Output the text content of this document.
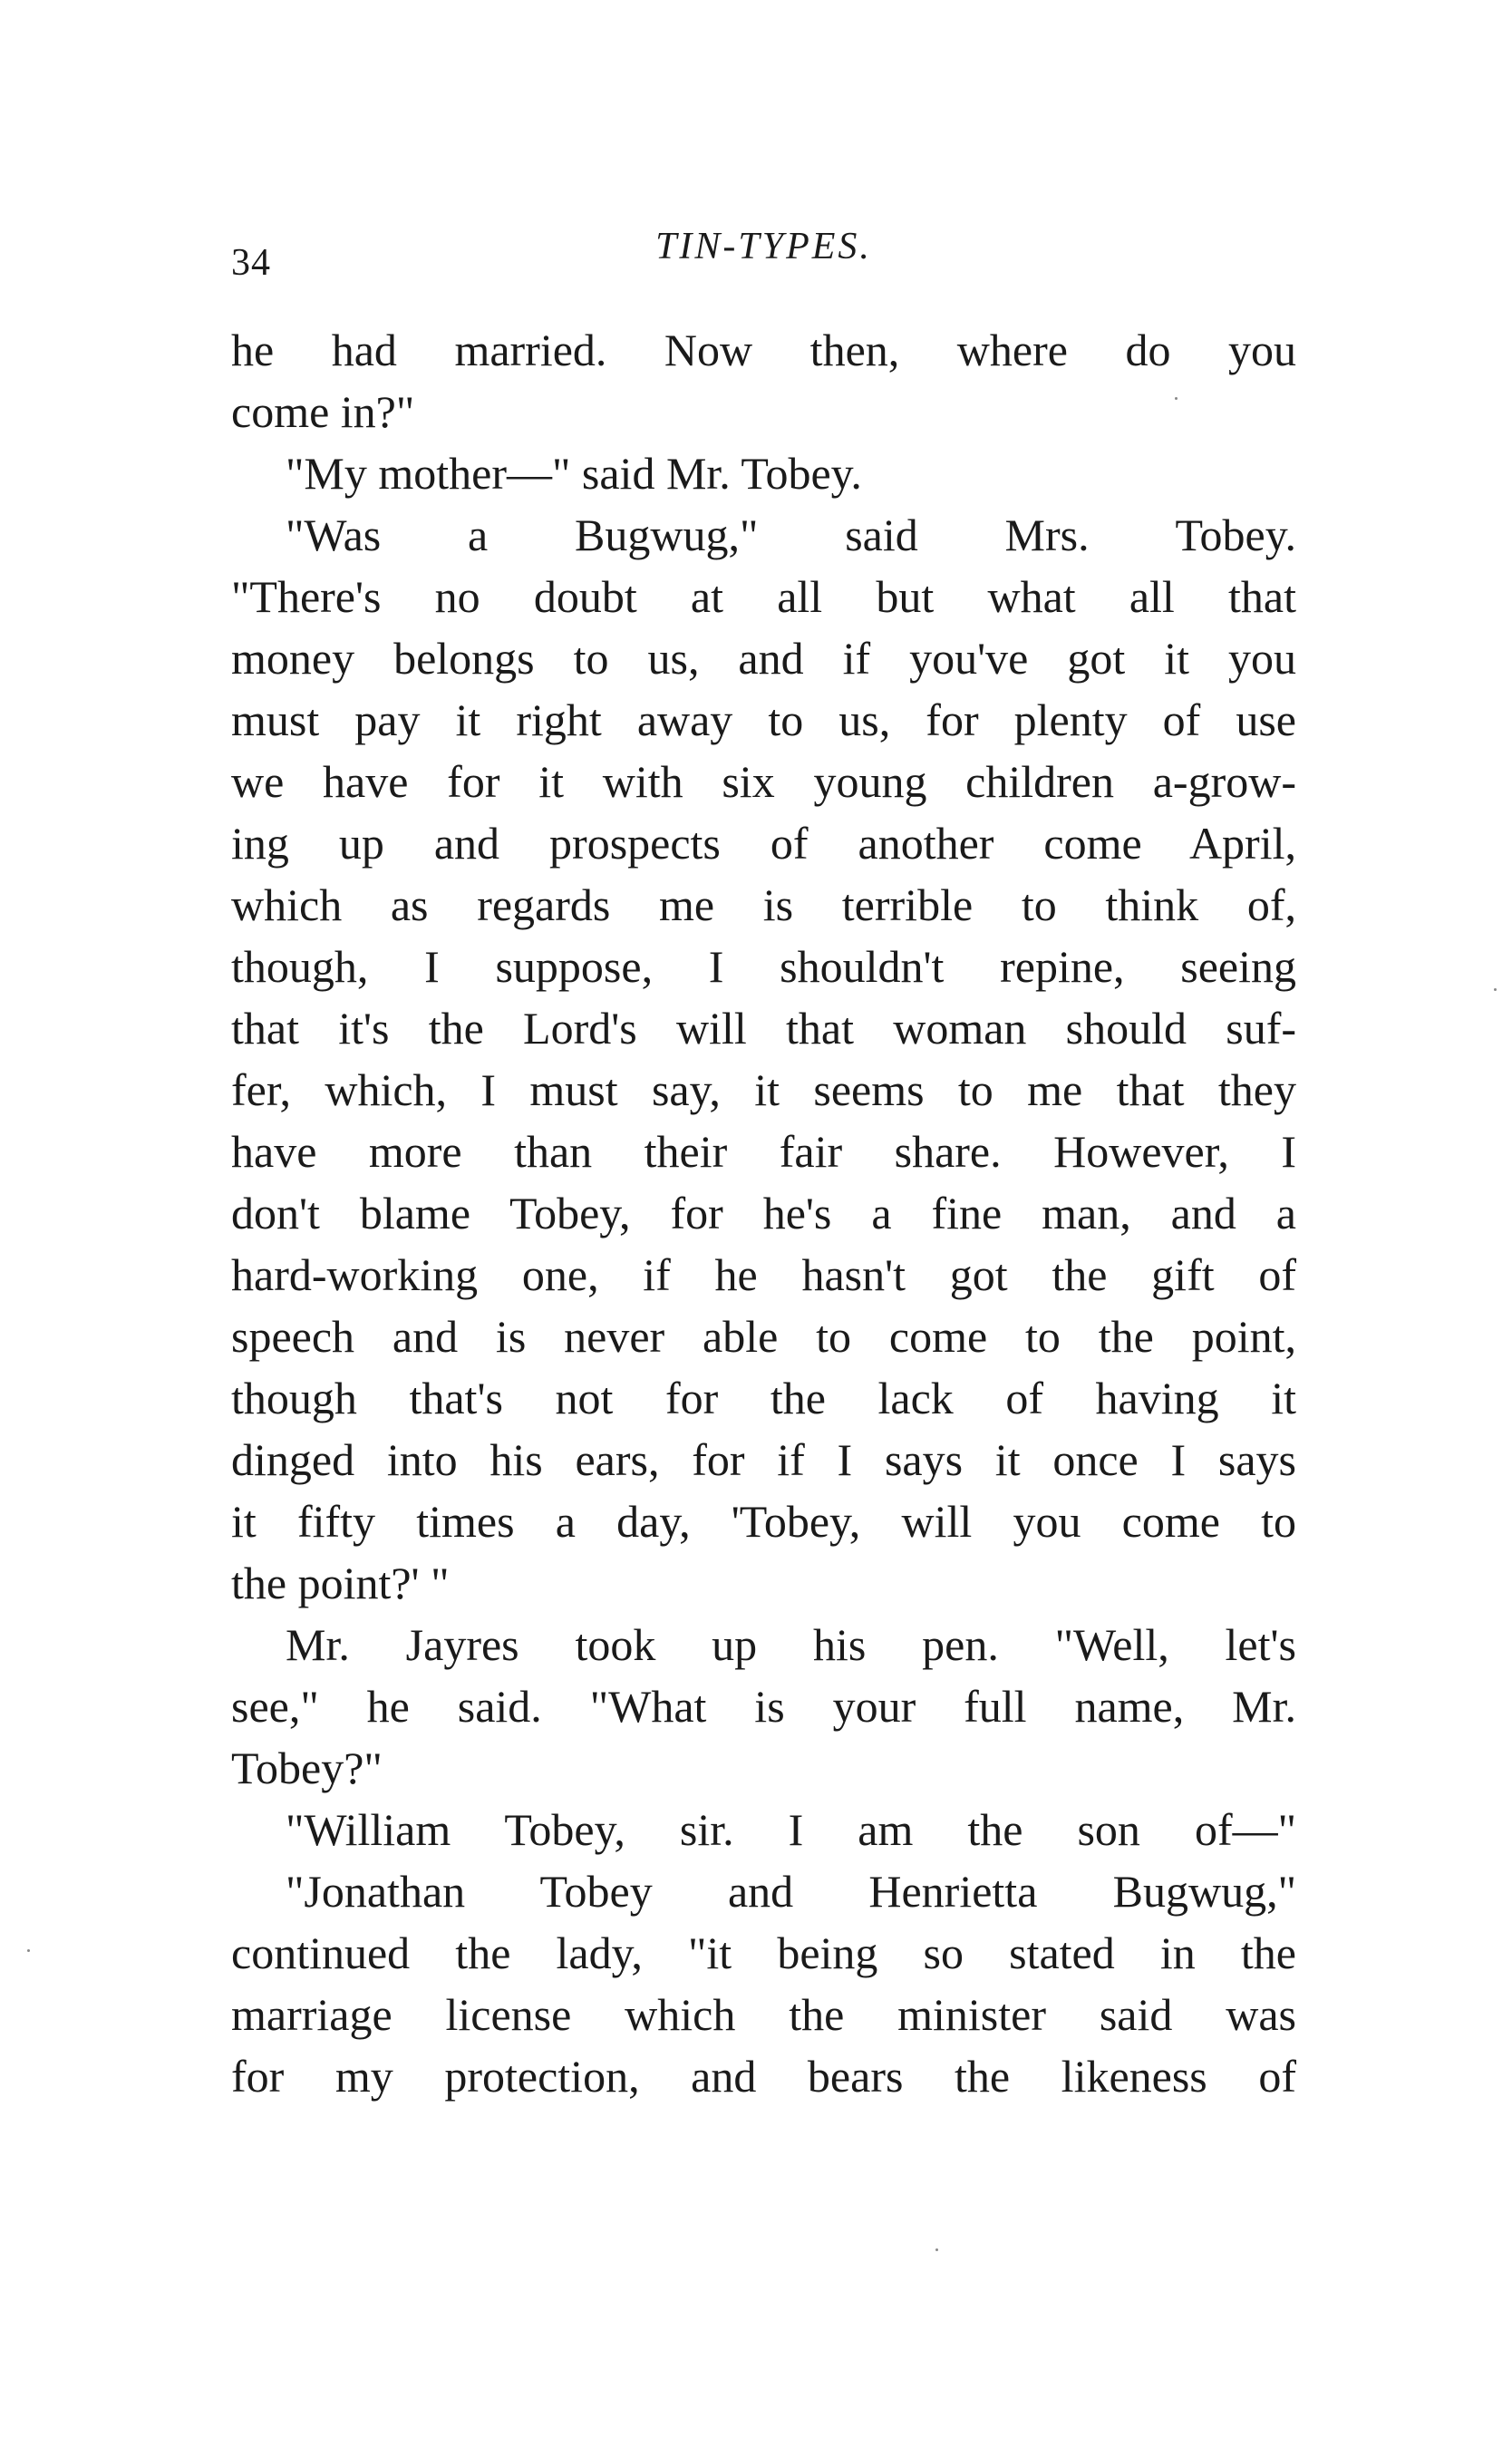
34	TIN-TYPES.
he had married. Now then, where do you
come in?"
"My mother—" said Mr. Tobey.
"Was a Bugwug," said Mrs. Tobey.
"There's no doubt at all but what all that
money belongs to us, and if you've got it you
must pay it right away to us, for plenty of use
we have for it with six young children a-grow-
ing up and prospects of another come April,
which as regards me is terrible to think of,
though, I suppose, I shouldn't repine, seeing
that it's the Lord's will that woman should suf-
fer, which, I must say, it seems to me that they
have more than their fair share. However, I
don't blame Tobey, for he's a fine man, and a
hard-working one, if he hasn't got the gift of
speech and is never able to come to the point,
though that's not for the lack of having it
dinged into his ears, for if I says it once I says
it fifty times a day, 'Tobey, will you come to
the point?' "
Mr. Jayres took up his pen. "Well, let's
see," he said. "What is your full name, Mr.
Tobey?"
"William Tobey, sir. I am the son of—"
"Jonathan Tobey and Henrietta Bugwug,"
continued the lady, "it being so stated in the
marriage license which the minister said was
for my protection, and bears the likeness of
